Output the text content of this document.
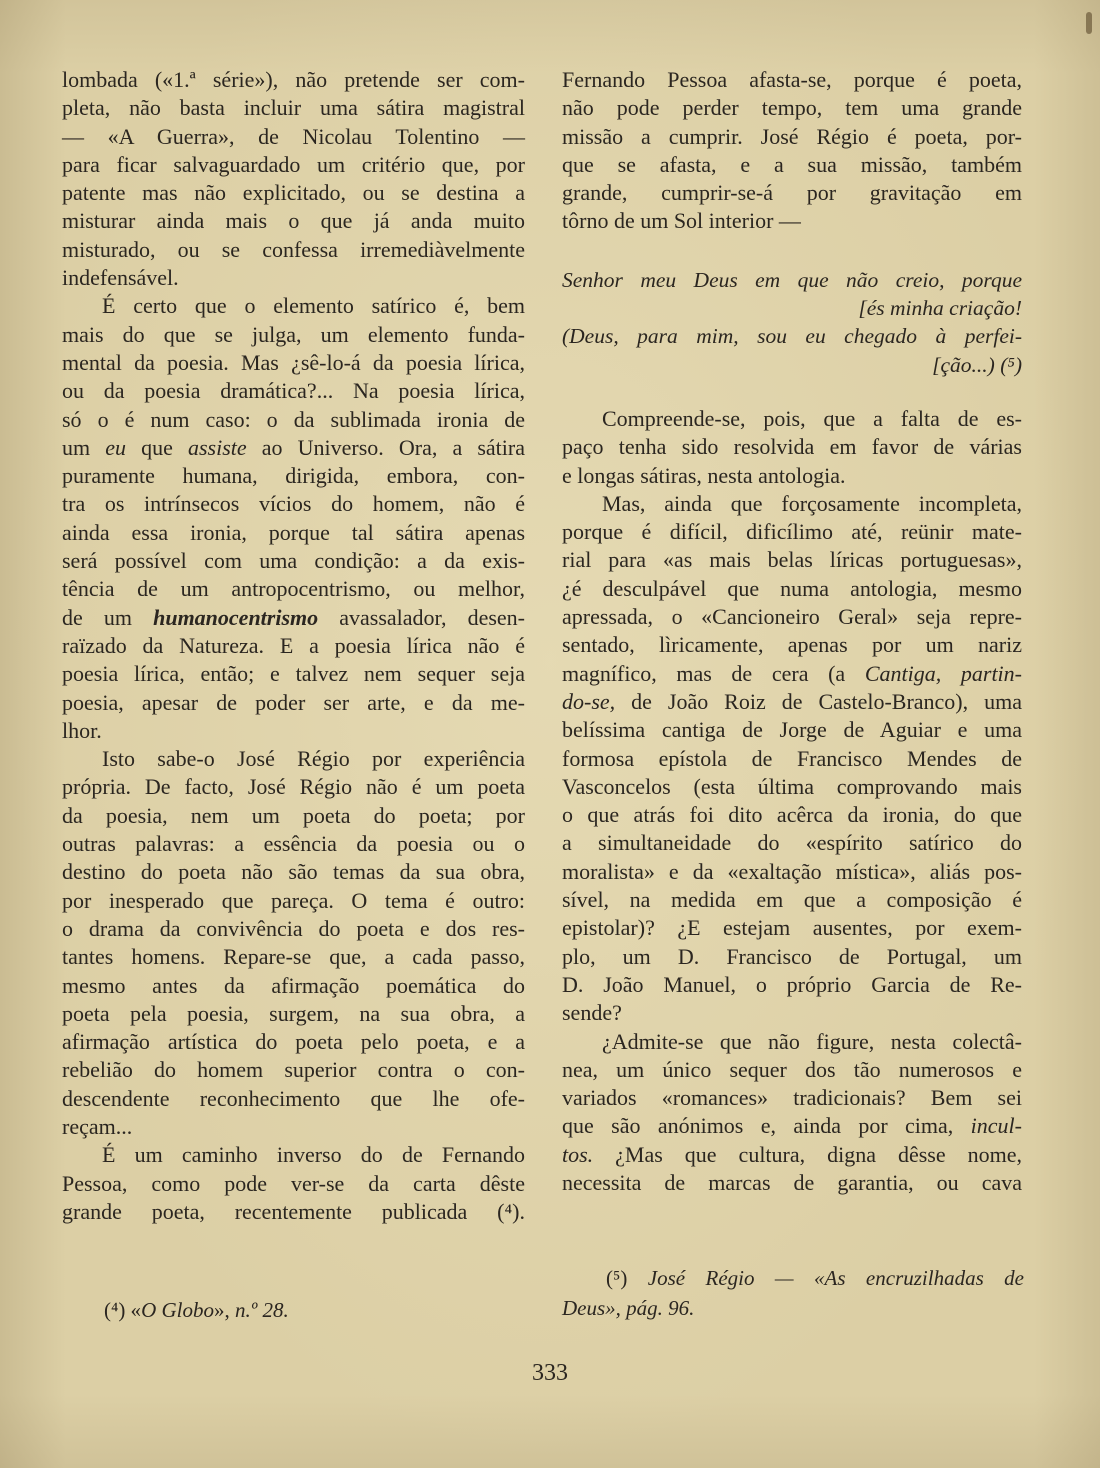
lombada («1.ª série»), não pretende ser com-
pleta, não basta incluir uma sátira magistral
— «A Guerra», de Nicolau Tolentino —
para ficar salvaguardado um critério que, por
patente mas não explicitado, ou se destina a
misturar ainda mais o que já anda muito
misturado, ou se confessa irremediàvelmente
indefensável.
É certo que o elemento satírico é, bem
mais do que se julga, um elemento funda-
mental da poesia. Mas ¿sê-lo-á da poesia lírica,
ou da poesia dramática?... Na poesia lírica,
só o é num caso: o da sublimada ironia de
um eu que assiste ao Universo. Ora, a sátira
puramente humana, dirigida, embora, con-
tra os intrínsecos vícios do homem, não é
ainda essa ironia, porque tal sátira apenas
será possível com uma condição: a da exis-
tência de um antropocentrismo, ou melhor,
de um humanocentrismo avassalador, desen-
raïzado da Natureza. E a poesia lírica não é
poesia lírica, então; e talvez nem sequer seja
poesia, apesar de poder ser arte, e da me-
lhor.
Isto sabe-o José Régio por experiência
própria. De facto, José Régio não é um poeta
da poesia, nem um poeta do poeta; por
outras palavras: a essência da poesia ou o
destino do poeta não são temas da sua obra,
por inesperado que pareça. O tema é outro:
o drama da convivência do poeta e dos res-
tantes homens. Repare-se que, a cada passo,
mesmo antes da afirmação poemática do
poeta pela poesia, surgem, na sua obra, a
afirmação artística do poeta pelo poeta, e a
rebelião do homem superior contra o con-
descendente reconhecimento que lhe ofe-
reçam...
É um caminho inverso do de Fernando
Pessoa, como pode ver-se da carta dêste
grande poeta, recentemente publicada (⁴).
Fernando Pessoa afasta-se, porque é poeta,
não pode perder tempo, tem uma grande
missão a cumprir. José Régio é poeta, por-
que se afasta, e a sua missão, também
grande, cumprir-se-á por gravitação em
tôrno de um Sol interior —
Senhor meu Deus em que não creio, porque
[és minha criação!
(Deus, para mim, sou eu chegado à perfei-
[ção...) (⁵)
Compreende-se, pois, que a falta de es-
paço tenha sido resolvida em favor de várias
e longas sátiras, nesta antologia.
Mas, ainda que forçosamente incompleta,
porque é difícil, dificílimo até, reünir mate-
rial para «as mais belas líricas portuguesas»,
¿é desculpável que numa antologia, mesmo
apressada, o «Cancioneiro Geral» seja repre-
sentado, lìricamente, apenas por um nariz
magnífico, mas de cera (a Cantiga, partin-
do-se, de João Roiz de Castelo-Branco), uma
belíssima cantiga de Jorge de Aguiar e uma
formosa epístola de Francisco Mendes de
Vasconcelos (esta última comprovando mais
o que atrás foi dito acêrca da ironia, do que
a simultaneidade do «espírito satírico do
moralista» e da «exaltação mística», aliás pos-
sível, na medida em que a composição é
epistolar)? ¿E estejam ausentes, por exem-
plo, um D. Francisco de Portugal, um
D. João Manuel, o próprio Garcia de Re-
sende?
¿Admite-se que não figure, nesta colectâ-
nea, um único sequer dos tão numerosos e
variados «romances» tradicionais? Bem sei
que são anónimos e, ainda por cima, incul-
tos. ¿Mas que cultura, digna dêsse nome,
necessita de marcas de garantia, ou cava
(⁴) «O Globo», n.º 28.
(⁵) José Régio — «As encruzilhadas de
Deus», pág. 96.
333
